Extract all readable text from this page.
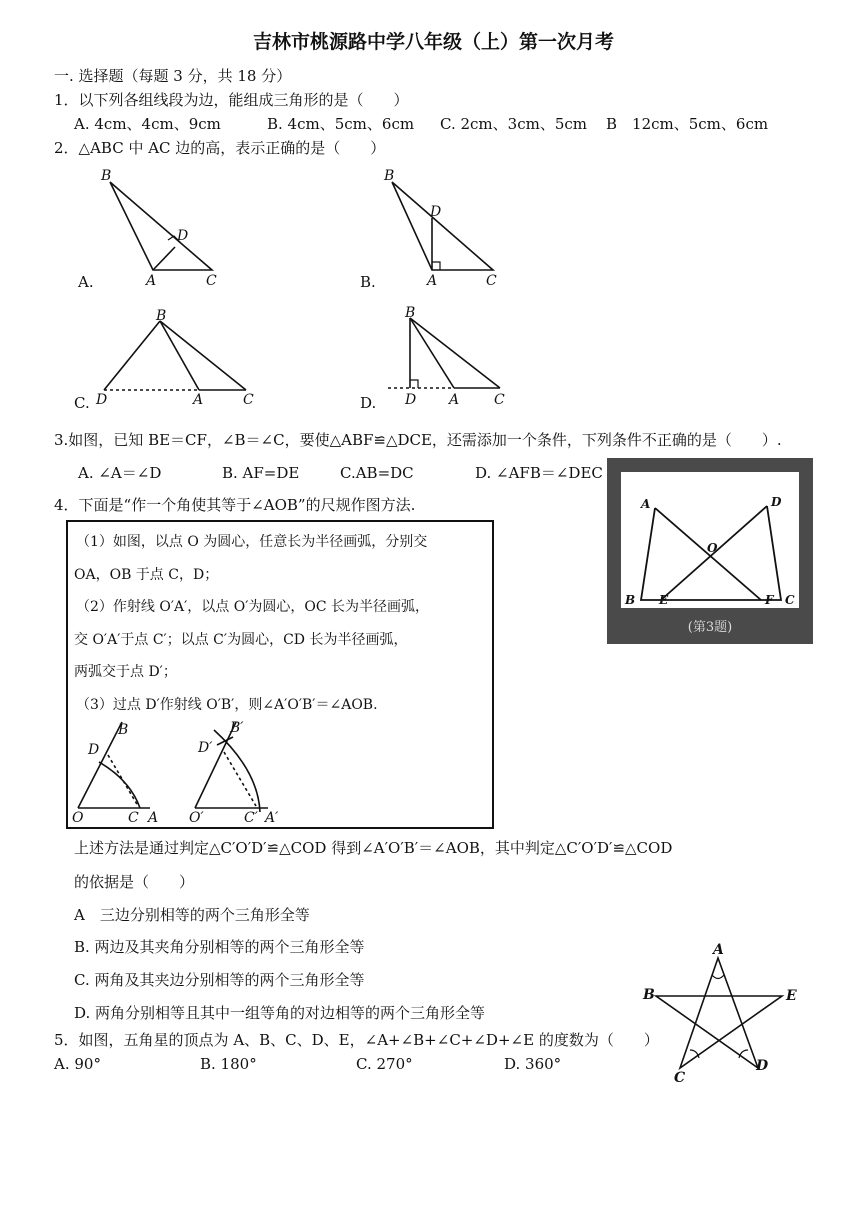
吉林市桃源路中学八年级（上）第一次月考
一. 选择题（每题 3 分，共 18 分）
1．以下列各组线段为边，能组成三角形的是（　　）
A. 4cm、4cm、9cm	B. 4cm、5cm、6cm C. 2cm、3cm、5cm B　12cm、5cm、6cm
2．△ABC 中 AC 边的高，表示正确的是（　　）
A.
B
D
A	C	B.
B
D
A	C
C.
B
D	A	C	D.
B
D A C
3.如图，已知 BE＝CF，∠B＝∠C，要使△ABF≌△DCE，还需添加一个条件，下列条件不正确的是（　　）.
A. ∠A＝∠D	B. AF=DE	C.AB=DC	D. ∠AFB＝∠DEC
A	D
O
B E	F C
(第3题)
4．下面是“作一个角使其等于∠AOB”的尺规作图方法.
（1）如图，以点 O 为圆心，任意长为半径画弧，分别交
OA，OB 于点 C，D；
（2）作射线 O′A′，以点 O′为圆心，OC 长为半径画弧，
交 O′A′于点 C′；以点 C′为圆心，CD 长为半径画弧，
两弧交于点 D′；
（3）过点 D′作射线 O′B′，则∠A′O′B′＝∠AOB.
D
B
O	C A
D′
B′
O′	C′ A′
上述方法是通过判定△C′O′D′≌△COD 得到∠A′O′B′＝∠AOB，其中判定△C′O′D′≌△COD
的依据是（　　）
A　三边分别相等的两个三角形全等
B. 两边及其夹角分别相等的两个三角形全等
C. 两角及其夹边分别相等的两个三角形全等
D. 两角分别相等且其中一组等角的对边相等的两个三角形全等
5．如图，五角星的顶点为 A、B、C、D、E，∠A+∠B+∠C+∠D+∠E 的度数为（　　）
A. 90°	B. 180°	C. 270°	D. 360°
A
B	E
C
D
